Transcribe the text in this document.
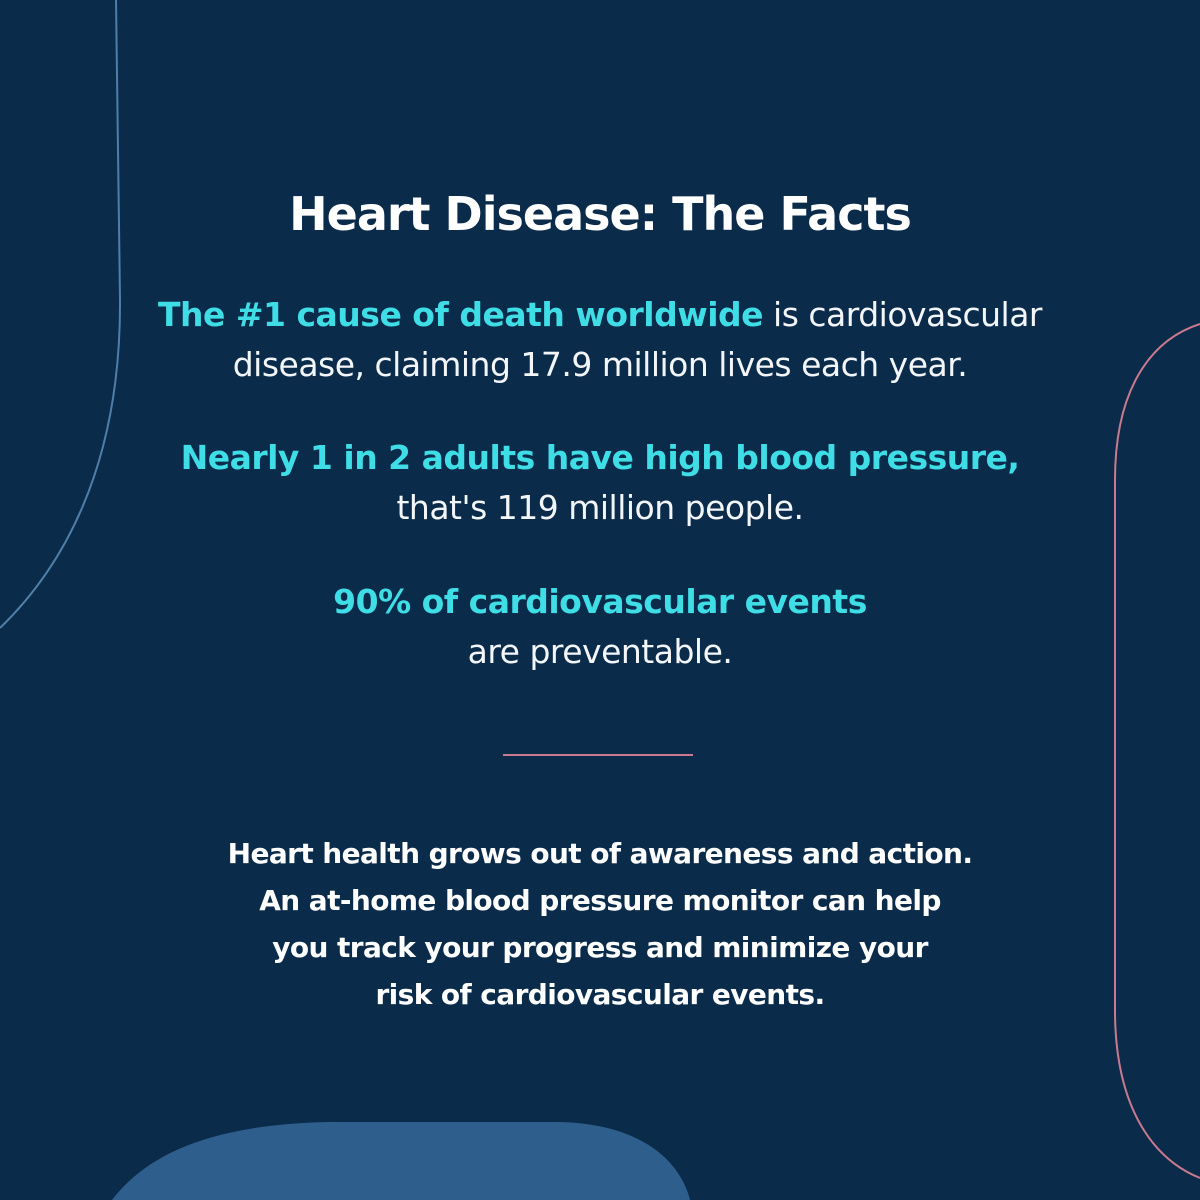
Heart Disease: The Facts
The #1 cause of death worldwide is cardiovascular
disease, claiming 17.9 million lives each year.
Nearly 1 in 2 adults have high blood pressure,
that's 119 million people.
90% of cardiovascular events
are preventable.
Heart health grows out of awareness and action.
An at-home blood pressure monitor can help
you track your progress and minimize your
risk of cardiovascular events.
